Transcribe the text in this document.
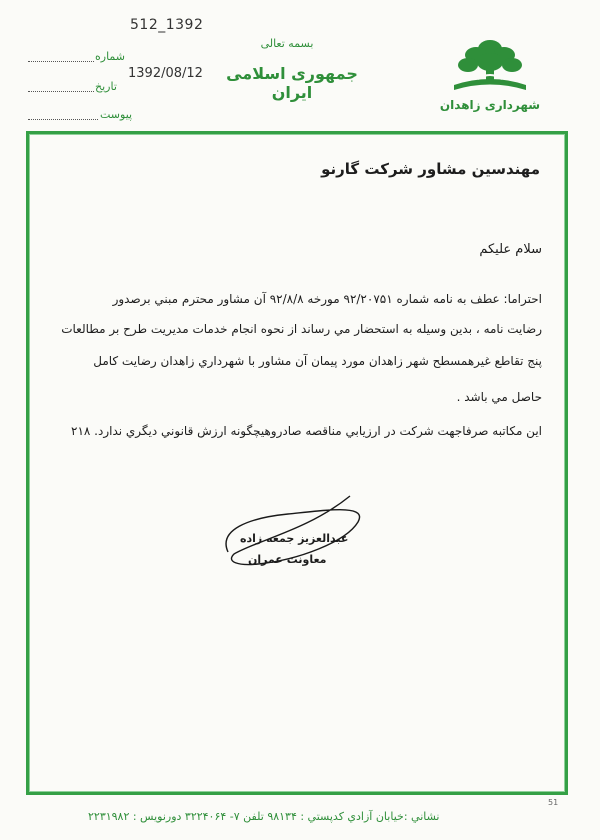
512_1392
شماره
1392/08/12
تاریخ
پیوست
بسمه تعالی
جمهوری اسلامی ایران
شهرداری زاهدان
مهندسین مشاور شرکت گارنو
سلام علیکم
احتراما: عطف به نامه شماره ۹۲/۲۰۷۵۱ مورخه ۹۲/۸/۸ آن مشاور محترم مبني برصدور
رضايت نامه ، بدين وسيله به استحضار مي رساند از نحوه انجام خدمات مديريت طرح بر مطالعات
پنج تقاطع غيرهمسطح شهر زاهدان مورد پيمان آن مشاور با شهرداري زاهدان رضايت كامل
حاصل مي باشد .
اين مكاتبه صرفاجهت شركت در ارزيابي مناقصه صادروهيچگونه ارزش قانوني ديگري ندارد. ۲۱۸
عبدالعزیز جمعه زاده
معاونت عمران
51
نشاني :خيابان آزادي كدپستي : ۹۸۱۳۴ تلفن ۷- ۳۲۲۴۰۶۴ دورنويس : ۲۲۳۱۹۸۲
